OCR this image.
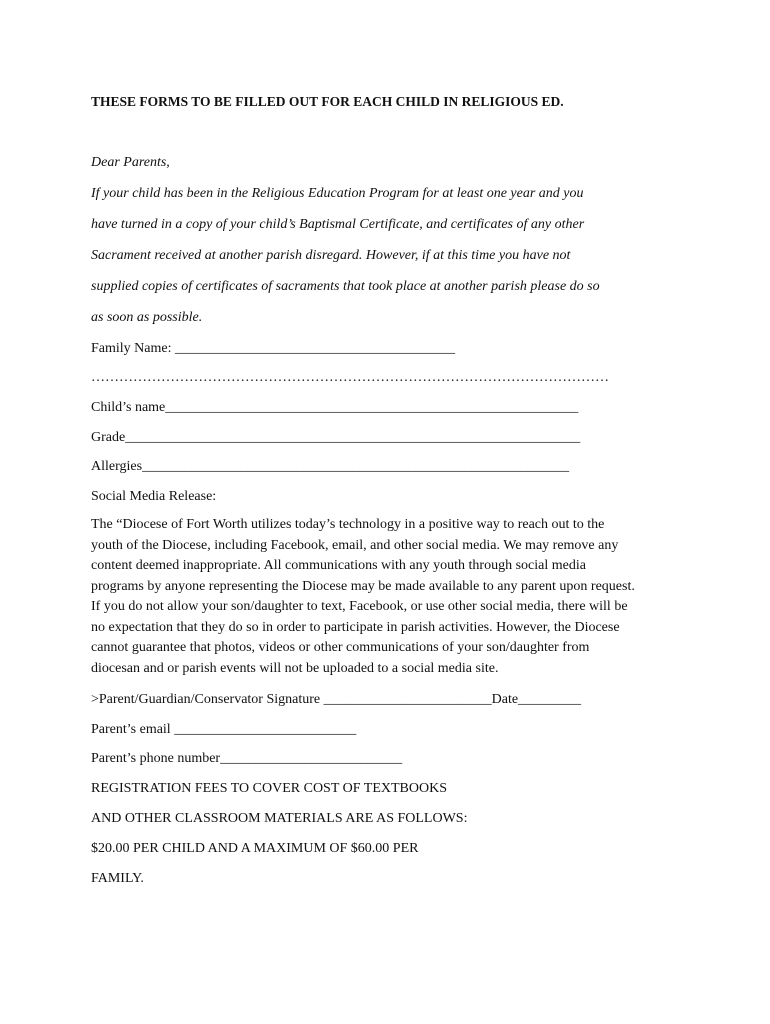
THESE FORMS TO BE FILLED OUT FOR EACH CHILD IN RELIGIOUS ED.
Dear Parents,
If your child has been in the Religious Education Program for at least one year and you
have turned in a copy of your child’s Baptismal Certificate, and certificates of any other
Sacrament received at another parish disregard. However, if at this time you have not
supplied copies of certificates of sacraments that took place at another parish please do so
as soon as possible.
Family Name: ________________________________________
…………………………………………………………………………………………………
Child’s name___________________________________________________________
Grade_________________________________________________________________
Allergies_____________________________________________________________
Social Media Release:
The “Diocese of Fort Worth utilizes today’s technology in a positive way to reach out to the
youth of the Diocese, including Facebook, email, and other social media. We may remove any
content deemed inappropriate. All communications with any youth through social media
programs by anyone representing the Diocese may be made available to any parent upon request.
If you do not allow your son/daughter to text, Facebook, or use other social media, there will be
no expectation that they do so in order to participate in parish activities. However, the Diocese
cannot guarantee that photos, videos or other communications of your son/daughter from
diocesan and or parish events will not be uploaded to a social media site.
>Parent/Guardian/Conservator Signature ________________________Date_________
Parent’s email __________________________
Parent’s phone number__________________________
REGISTRATION FEES TO COVER COST OF TEXTBOOKS
AND OTHER CLASSROOM MATERIALS ARE AS FOLLOWS:
$20.00 PER CHILD AND A MAXIMUM OF $60.00 PER
FAMILY.
